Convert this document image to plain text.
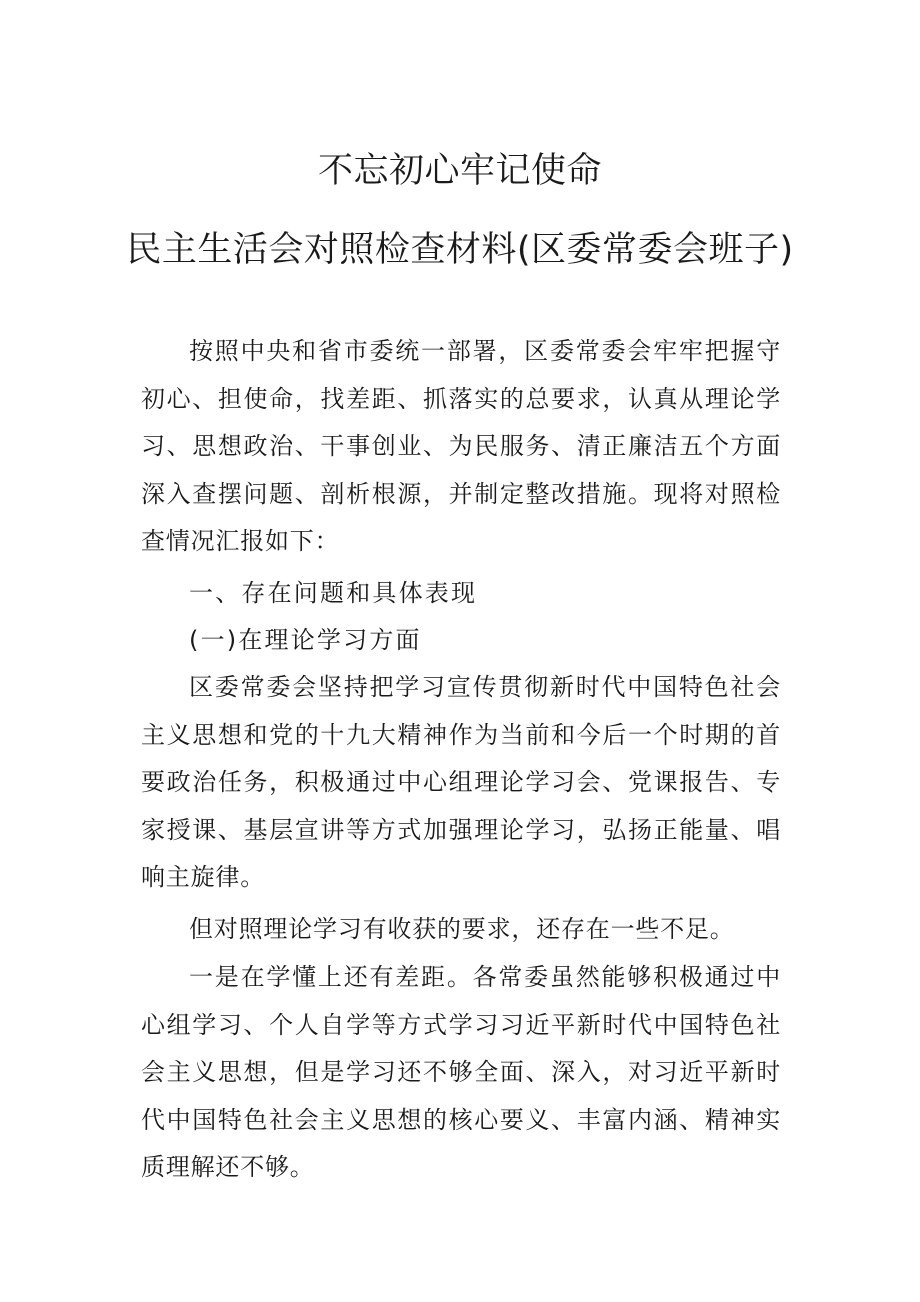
不忘初心牢记使命
民主生活会对照检查材料(区委常委会班子)

按照中央和省市委统一部署，区委常委会牢牢把握守初心、担使命，找差距、抓落实的总要求，认真从理论学习、思想政治、干事创业、为民服务、清正廉洁五个方面深入查摆问题、剖析根源，并制定整改措施。现将对照检查情况汇报如下：

一、存在问题和具体表现

(一)在理论学习方面

区委常委会坚持把学习宣传贯彻新时代中国特色社会主义思想和党的十九大精神作为当前和今后一个时期的首要政治任务，积极通过中心组理论学习会、党课报告、专家授课、基层宣讲等方式加强理论学习，弘扬正能量、唱响主旋律。

但对照理论学习有收获的要求，还存在一些不足。

一是在学懂上还有差距。各常委虽然能够积极通过中心组学习、个人自学等方式学习习近平新时代中国特色社会主义思想，但是学习还不够全面、深入，对习近平新时代中国特色社会主义思想的核心要义、丰富内涵、精神实质理解还不够。
